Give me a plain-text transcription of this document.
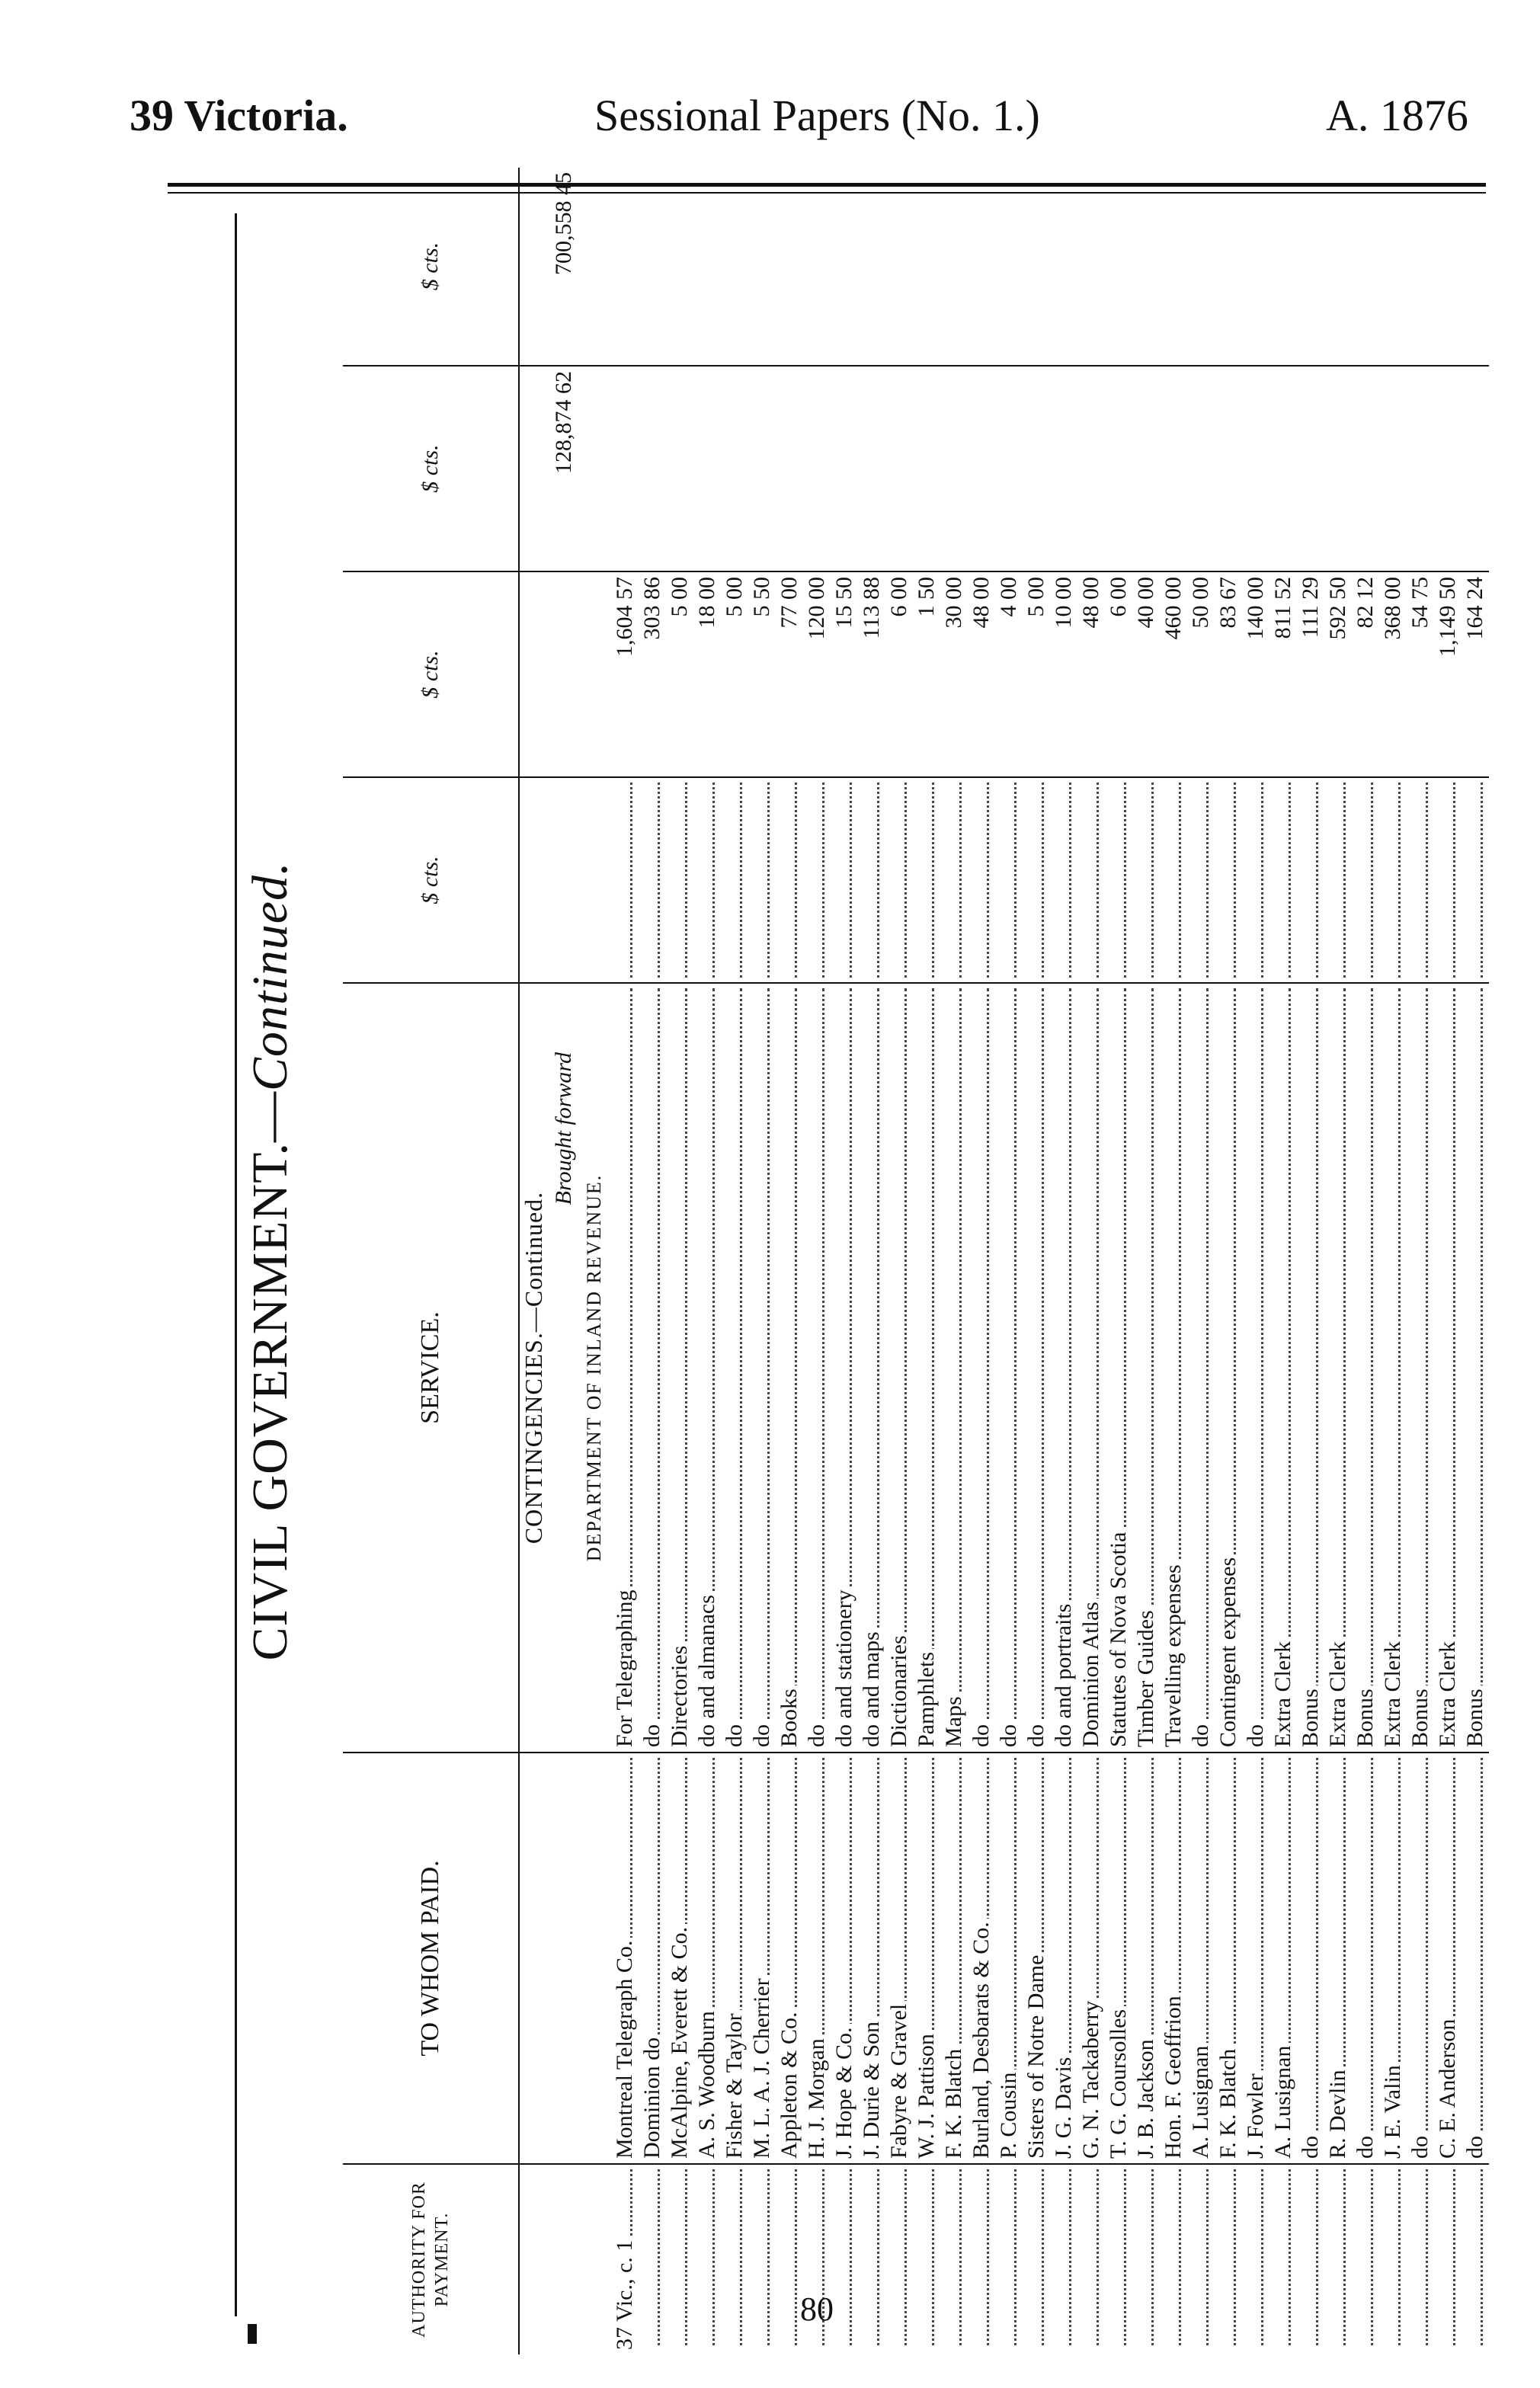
39 Victoria.	Sessional Papers (No. 1.)	A. 1876
CIVIL GOVERNMENT.—Continued.
AUTHORITY FOR PAYMENT.	TO WHOM PAID.	SERVICE.	$ cts.	$ cts.	$ cts.	$ cts.
		CONTINGENCIES.—Continued.				
		Brought forward			128,874 62	700,558 45
		DEPARTMENT OF INLAND REVENUE.				
37 Vic., c. 1	Montreal Telegraph Co.	For Telegraphing		1,604 57		
	Dominion do	do		303 86		
	McAlpine, Everett & Co.	Directories		5 00		
	A. S. Woodburn	do and almanacs		18 00		
	Fisher & Taylor	do		5 00		
	M. L. A. J. Cherrier	do		5 50		
	Appleton & Co.	Books		77 00		
	H. J. Morgan	do		120 00		
	J. Hope & Co.	do and stationery		15 50		
	J. Durie & Son	do and maps		113 88		
	Fabyre & Gravel	Dictionaries		6 00		
	W. J. Pattison	Pamphlets		1 50		
	F. K. Blatch	Maps		30 00		
	Burland, Desbarats & Co.	do		48 00		
	P. Cousin	do		4 00		
	Sisters of Notre Dame	do		5 00		
	J. G. Davis	do and portraits		10 00		
	G. N. Tackaberry	Dominion Atlas		48 00		
	T. G. Coursolles	Statutes of Nova Scotia		6 00		
	J. B. Jackson	Timber Guides		40 00		
	Hon. F. Geoffrion	Travelling expenses		460 00		
	A. Lusignan	do		50 00		
	F. K. Blatch	Contingent expenses		83 67		
	J. Fowler	do		140 00		
	A. Lusignan	Extra Clerk		811 52		
	do	Bonus		111 29		
	R. Devlin	Extra Clerk		592 50		
	do	Bonus		82 12		
	J. E. Valin	Extra Clerk		368 00		
	do	Bonus		54 75		
	C. E. Anderson	Extra Clerk		1,149 50		
	do	Bonus		164 24		
80
